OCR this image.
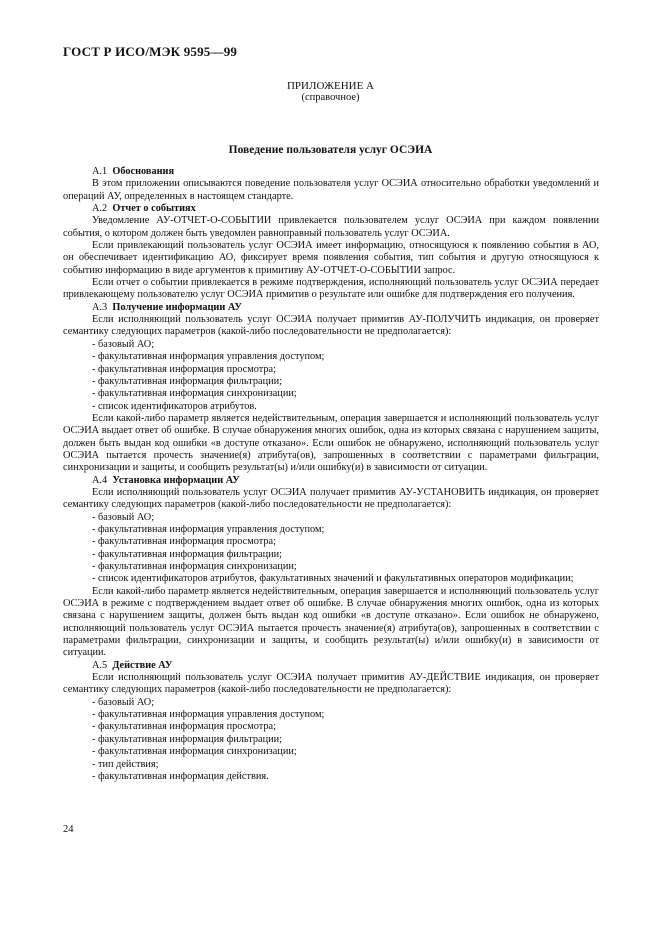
ГОСТ Р ИСО/МЭК 9595—99
ПРИЛОЖЕНИЕ А
(справочное)
Поведение пользователя услуг ОСЭИА

А.1 Обоснования

В этом приложении описываются поведение пользователя услуг ОСЭИА относительно обработки уведомлений и операций АУ, определенных в настоящем стандарте.

А.2 Отчет о событиях

Уведомление АУ-ОТЧЕТ-О-СОБЫТИИ привлекается пользователем услуг ОСЭИА при каждом появлении события, о котором должен быть уведомлен равноправный пользователь услуг ОСЭИА.

Если привлекающий пользователь услуг ОСЭИА имеет информацию, относящуюся к появлению события в АО, он обеспечивает идентификацию АО, фиксирует время появления события, тип события и другую относящуюся к событию информацию в виде аргументов к примитиву АУ-ОТЧЕТ-О-СОБЫТИИ запрос.

Если отчет о событии привлекается в режиме подтверждения, исполняющий пользователь услуг ОСЭИА передает привлекающему пользователю услуг ОСЭИА примитив о результате или ошибке для подтверждения его получения.

А.3 Получение информации АУ

Если исполняющий пользователь услуг ОСЭИА получает примитив АУ-ПОЛУЧИТЬ индикация, он проверяет семантику следующих параметров (какой-либо последовательности не предполагается):

- базовый АО;

- факультативная информация управления доступом;

- факультативная информация просмотра;

- факультативная информация фильтрации;

- факультативная информация синхронизации;

- список идентификаторов атрибутов.

Если какой-либо параметр является недействительным, операция завершается и исполняющий пользователь услуг ОСЭИА выдает ответ об ошибке. В случае обнаружения многих ошибок, одна из которых связана с нарушением защиты, должен быть выдан код ошибки «в доступе отказано». Если ошибок не обнаружено, исполняющий пользователь услуг ОСЭИА пытается прочесть значение(я) атрибута(ов), запрошенных в соответствии с параметрами фильтрации, синхронизации и защиты, и сообщить результат(ы) и/или ошибку(и) в зависимости от ситуации.

А.4 Установка информации АУ

Если исполняющий пользователь услуг ОСЭИА получает примитив АУ-УСТАНОВИТЬ индикация, он проверяет семантику следующих параметров (какой-либо последовательности не предполагается):

- базовый АО;

- факультативная информация управления доступом;

- факультативная информация просмотра;

- факультативная информация фильтрации;

- факультативная информация синхронизации;

- список идентификаторов атрибутов, факультативных значений и факультативных операторов модификации;

Если какой-либо параметр является недействительным, операция завершается и исполняющий пользователь услуг ОСЭИА в режиме с подтверждением выдает ответ об ошибке. В случае обнаружения многих ошибок, одна из которых связана с нарушением защиты, должен быть выдан код ошибки «в доступе отказано». Если ошибок не обнаружено, исполняющий пользователь услуг ОСЭИА пытается прочесть значение(я) атрибута(ов), запрошенных в соответствии с параметрами фильтрации, синхронизации и защиты, и сообщить результат(ы) и/или ошибку(и) в зависимости от ситуации.

А.5 Действие АУ

Если исполняющий пользователь услуг ОСЭИА получает примитив АУ-ДЕЙСТВИЕ индикация, он проверяет семантику следующих параметров (какой-либо последовательности не предполагается):

- базовый АО;

- факультативная информация управления доступом;

- факультативная информация просмотра;

- факультативная информация фильтрации;

- факультативная информация синхронизации;

- тип действия;

- факультативная информация действия.

24
